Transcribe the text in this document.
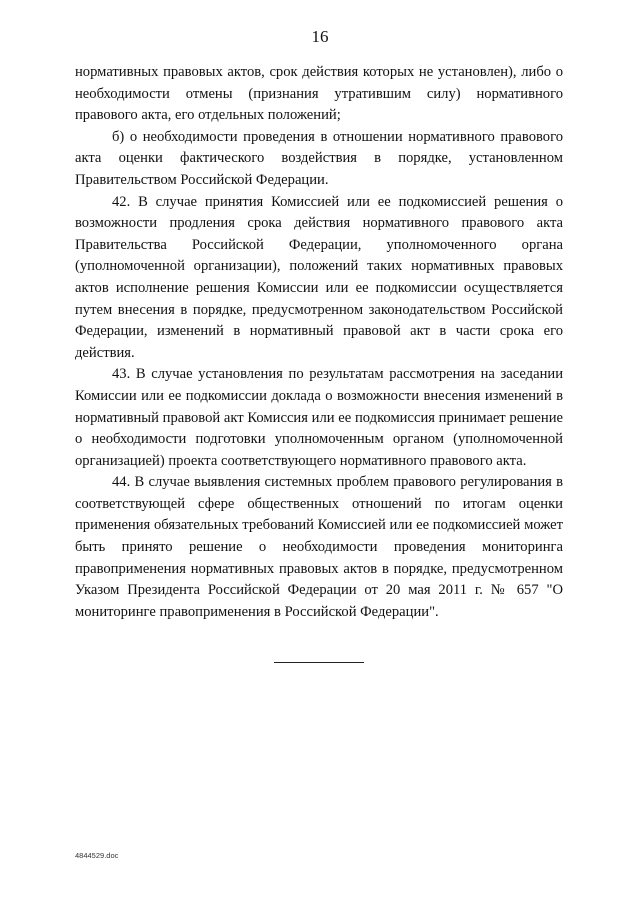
16

нормативных правовых актов, срок действия которых не установлен), либо о необходимости отмены (признания утратившим силу) нормативного правового акта, его отдельных положений;

б) о необходимости проведения в отношении нормативного правового акта оценки фактического воздействия в порядке, установленном Правительством Российской Федерации.

42. В случае принятия Комиссией или ее подкомиссией решения о возможности продления срока действия нормативного правового акта Правительства Российской Федерации, уполномоченного органа (уполномоченной организации), положений таких нормативных правовых актов исполнение решения Комиссии или ее подкомиссии осуществляется путем внесения в порядке, предусмотренном законодательством Российской Федерации, изменений в нормативный правовой акт в части срока его действия.

43. В случае установления по результатам рассмотрения на заседании Комиссии или ее подкомиссии доклада о возможности внесения изменений в нормативный правовой акт Комиссия или ее подкомиссия принимает решение о необходимости подготовки уполномоченным органом (уполномоченной организацией) проекта соответствующего нормативного правового акта.

44. В случае выявления системных проблем правового регулирования в соответствующей сфере общественных отношений по итогам оценки применения обязательных требований Комиссией или ее подкомиссией может быть принято решение о необходимости проведения мониторинга правоприменения нормативных правовых актов в порядке, предусмотренном Указом Президента Российской Федерации от 20 мая 2011 г. № 657 "О мониторинге правоприменения в Российской Федерации".

4844529.doc
